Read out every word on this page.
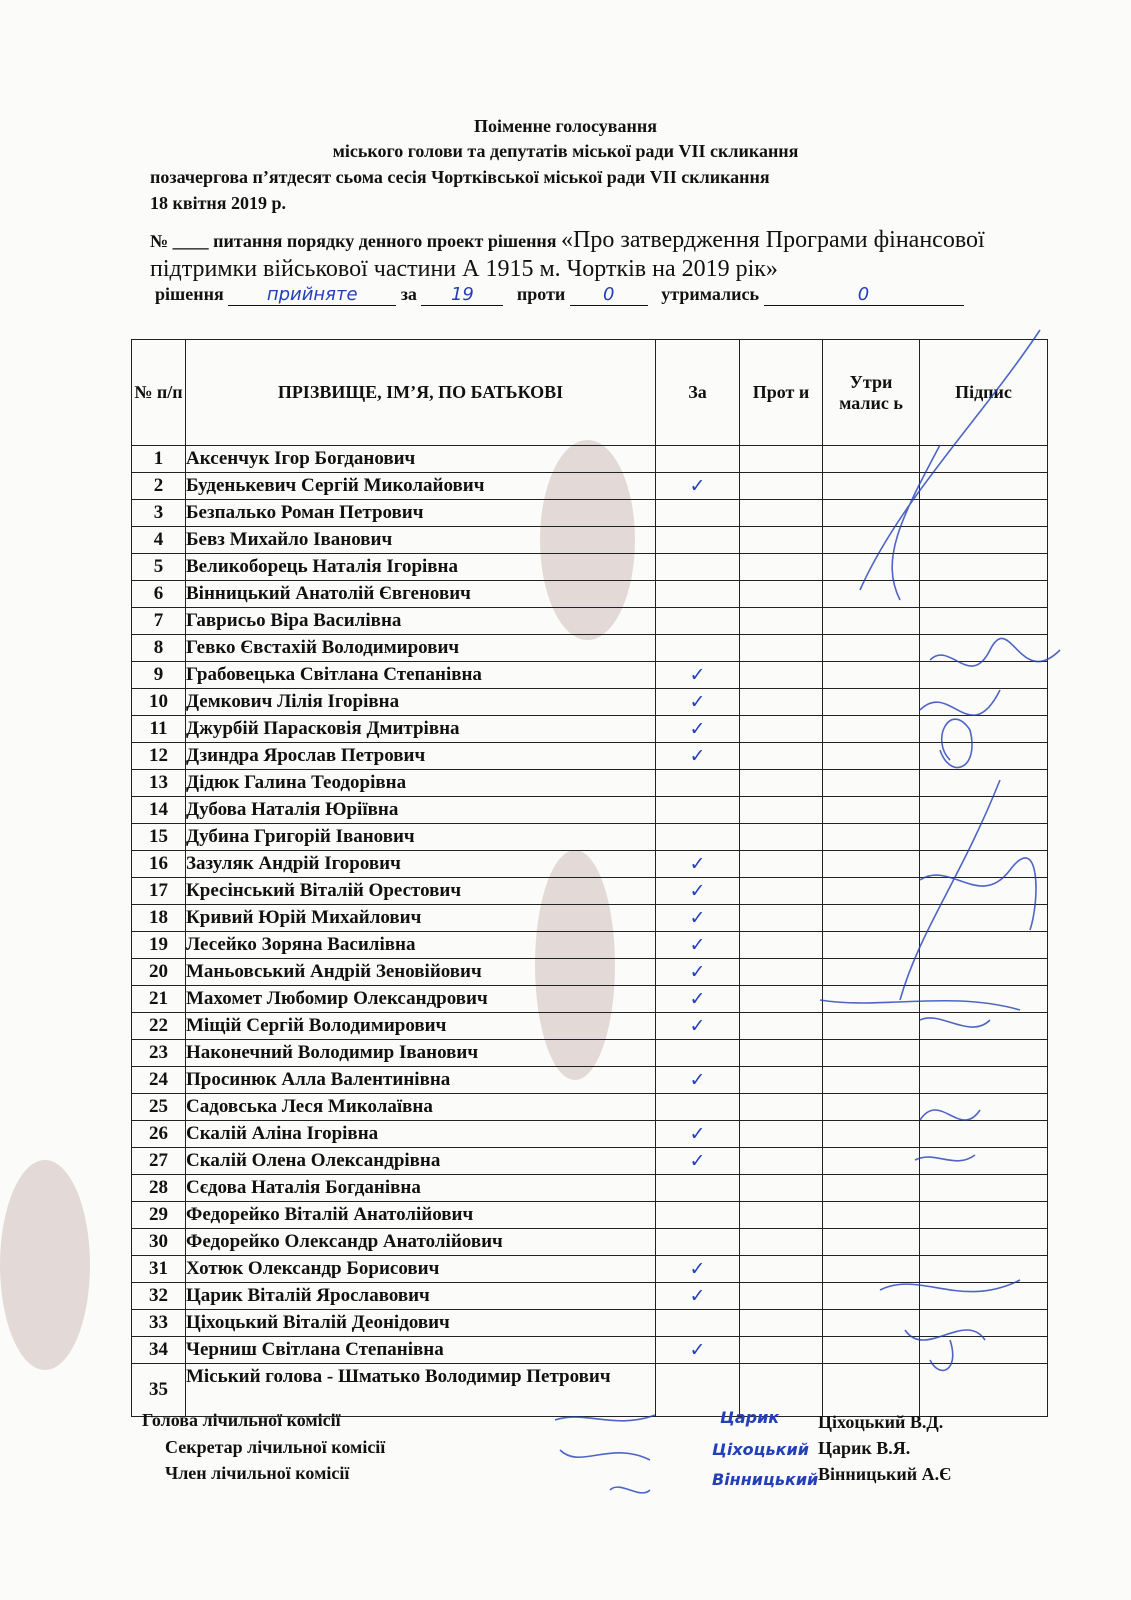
Поіменне голосування
міського голови та депутатів міської ради VII скликання
позачергова п’ятдесят сьома сесія Чортківської міської ради VII скликання
18 квітня 2019 р.
№ ____ питання порядку денного проект рішення «Про затвердження Програми фінансової підтримки військової частини А 1915 м. Чортків на 2019 рік»
рішення прийняте за 19 проти 0	утримались	0
№ п/п	ПРІЗВИЩЕ, ІМ’Я, ПО БАТЬКОВІ	За	Прот и	Утри малис ь	Підпис
1	Аксенчук Ігор Богданович				
2	Буденькевич Сергій Миколайович	✓			
3	Безпалько Роман Петрович				
4	Бевз Михайло Іванович				
5	Великоборець Наталія Ігорівна				
6	Вінницький Анатолій Євгенович				
7	Гаврисьо Віра Василівна				
8	Гевко Євстахій Володимирович				
9	Грабовецька Світлана Степанівна	✓			
10	Демкович Лілія Ігорівна	✓			
11	Джурбій Парасковія Дмитрівна	✓			
12	Дзиндра Ярослав Петрович	✓			
13	Дідюк Галина Теодорівна				
14	Дубова Наталія Юріївна				
15	Дубина Григорій Іванович				
16	Зазуляк Андрій Ігорович	✓			
17	Кресінський Віталій Орестович	✓			
18	Кривий Юрій Михайлович	✓			
19	Лесейко Зоряна Василівна	✓			
20	Маньовський Андрій Зеновійович	✓			
21	Махомет Любомир Олександрович	✓			
22	Міщій Сергій Володимирович	✓			
23	Наконечний Володимир Іванович				
24	Просинюк Алла Валентинівна	✓			
25	Садовська Леся Миколаївна				
26	Скалій Аліна Ігорівна	✓			
27	Скалій Олена Олександрівна	✓			
28	Сєдова Наталія Богданівна				
29	Федорейко Віталій Анатолійович				
30	Федорейко Олександр Анатолійович				
31	Хотюк Олександр Борисович	✓			
32	Царик Віталій Ярославович	✓			
33	Ціхоцький Віталій Деонідович				
34	Черниш Світлана Степанівна	✓			
35	Міський голова - Шматько Володимир Петрович				
Голова лічильної комісії
Секретар лічильної комісії
Член лічильної комісії
Царик
Ціхоцький
Вінницький
Ціхоцький В.Д.
Царик В.Я.
Вінницький А.Є
